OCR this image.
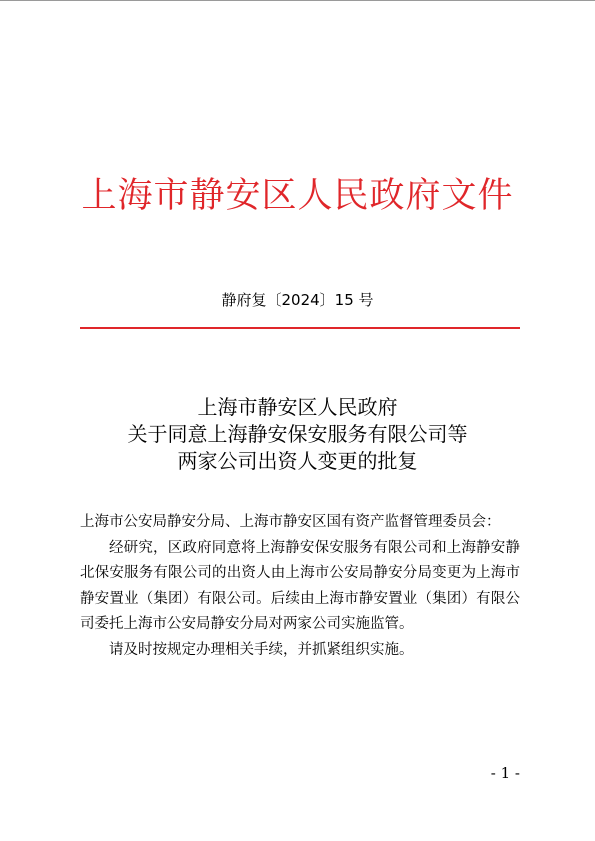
上海市静安区人民政府文件
静府复〔2024〕15 号
上海市静安区人民政府
关于同意上海静安保安服务有限公司等
两家公司出资人变更的批复

上海市公安局静安分局、上海市静安区国有资产监督管理委员会：

经研究，区政府同意将上海静安保安服务有限公司和上海静安静北保安服务有限公司的出资人由上海市公安局静安分局变更为上海市静安置业（集团）有限公司。后续由上海市静安置业（集团）有限公司委托上海市公安局静安分局对两家公司实施监管。

请及时按规定办理相关手续，并抓紧组织实施。

- 1 -
